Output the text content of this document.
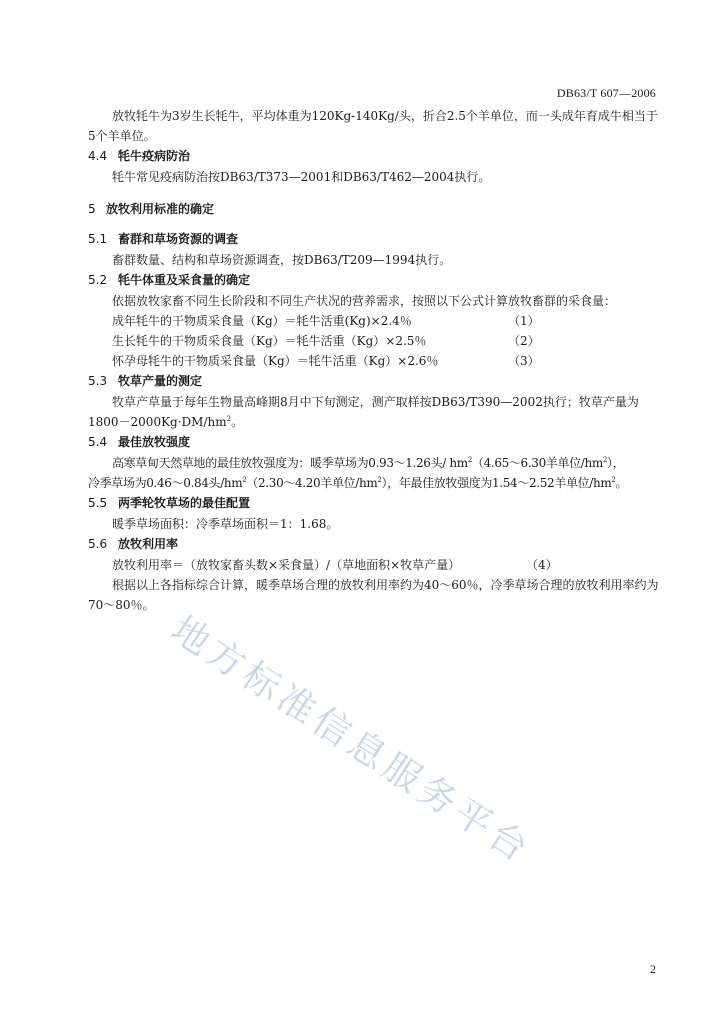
DB63/T 607—2006

放牧牦牛为3岁生长牦牛，平均体重为120Kg-140Kg/头，折合2.5个羊单位，而一头成年育成牛相当于5个羊单位。

4.4 牦牛疫病防治

牦牛常见疫病防治按DB63/T373—2001和DB63/T462—2004执行。

5 放牧利用标准的确定
5.1 畜群和草场资源的调查

畜群数量、结构和草场资源调查，按DB63/T209—1994执行。

5.2 牦牛体重及采食量的确定

依据放牧家畜不同生长阶段和不同生产状况的营养需求，按照以下公式计算放牧畜群的采食量：

成年牦牛的干物质采食量（Kg）＝牦牛活重(Kg)×2.4％	（1）
生长牦牛的干物质采食量（Kg）＝牦牛活重（Kg）×2.5％	（2）
怀孕母牦牛的干物质采食量（Kg）＝牦牛活重（Kg）×2.6％	（3）
5.3 牧草产量的测定

牧草产草量于每年生物量高峰期8月中下旬测定，测产取样按DB63/T390—2002执行；牧草产量为

$1800-2000Kg\cdot DM/hm^2$。

5.4 最佳放牧强度

高寒草甸天然草地的最佳放牧强度为：暖季草场为0.93～1.26头/ $hm^2(4.65\sim 6.30$羊单位$/hm^2$），

冷季草场为0.46～0.84头$/hm^2(2.30\sim 4.20$羊单位$/hm^2$），年最佳放牧强度为1.54～2.52羊单位$/hm^2$。

5.5 两季轮牧草场的最佳配置

暖季草场面积：冷季草场面积＝1：1.68。

5.6 放牧利用率
放牧利用率＝（放牧家畜头数×采食量）/（草地面积×牧草产量）	（4）

根据以上各指标综合计算，暖季草场合理的放牧利用率约为40～60％，冷季草场合理的放牧利用率约为70～80％。

地方标准信息服务平台
2
